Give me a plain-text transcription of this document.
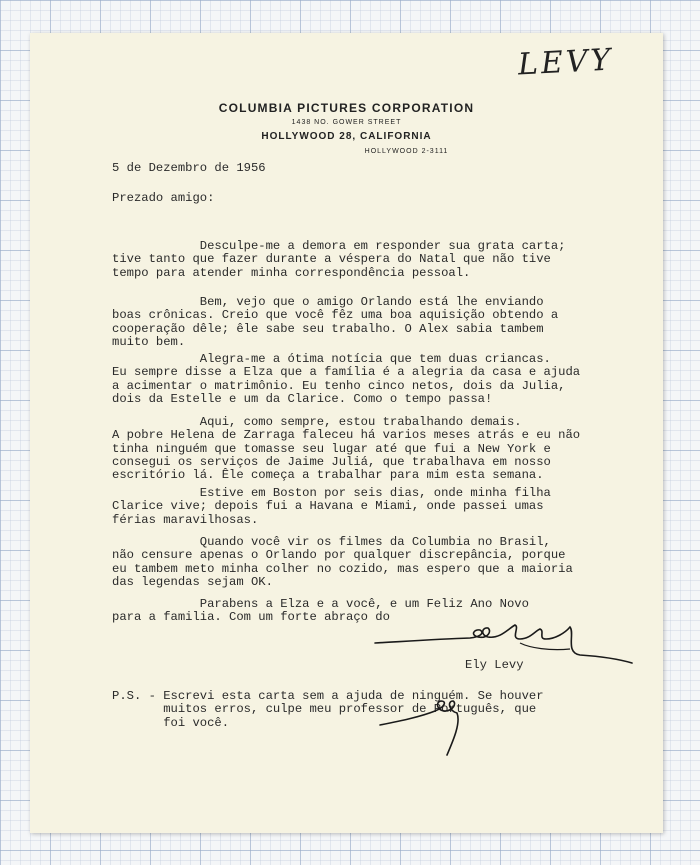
LEVY
COLUMBIA PICTURES CORPORATION
1438 NO. GOWER STREET
HOLLYWOOD 28, CALIFORNIA
HOLLYWOOD 2-3111
5 de Dezembro de 1956
Prezado amigo:
Desculpe-me a demora em responder sua grata carta;
tive tanto que fazer durante a véspera do Natal que não tive
tempo para atender minha correspondência pessoal.
Bem, vejo que o amigo Orlando está lhe enviando
boas crônicas. Creio que você fêz uma boa aquisição obtendo a
cooperação dêle; êle sabe seu trabalho. O Alex sabia tambem
muito bem.
Alegra-me a ótima notícia que tem duas criancas.
Eu sempre disse a Elza que a família é a alegria da casa e ajuda
a acimentar o matrimônio. Eu tenho cinco netos, dois da Julia,
dois da Estelle e um da Clarice. Como o tempo passa!
Aqui, como sempre, estou trabalhando demais.
A pobre Helena de Zarraga faleceu há varios meses atrás e eu não
tinha ninguém que tomasse seu lugar até que fui a New York e
consegui os serviços de Jaime Juliá, que trabalhava em nosso
escritório lá. Êle começa a trabalhar para mim esta semana.
Estive em Boston por seis dias, onde minha filha
Clarice vive; depois fui a Havana e Miami, onde passei umas
férias maravilhosas.
Quando você vir os filmes da Columbia no Brasil,
não censure apenas o Orlando por qualquer discrepância, porque
eu tambem meto minha colher no cozido, mas espero que a maioria
das legendas sejam OK.
Parabens a Elza e a você, e um Feliz Ano Novo
para a familia. Com um forte abraço do
Ely Levy
P.S. - Escrevi esta carta sem a ajuda de ninguém. Se houver
muitos erros, culpe meu professor de Português, que
foi você.
